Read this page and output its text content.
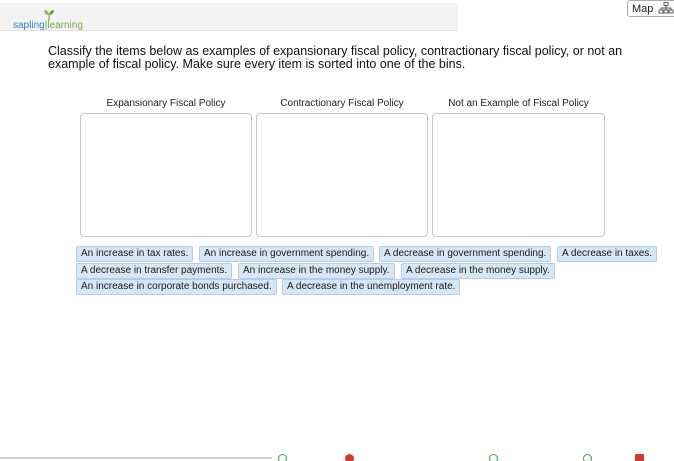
sapling|learning
Map
Classify the items below as examples of expansionary fiscal policy, contractionary fiscal policy, or not an example of fiscal policy. Make sure every item is sorted into one of the bins.
Expansionary Fiscal Policy	Contractionary Fiscal Policy	Not an Example of Fiscal Policy
An increase in tax rates.	An increase in government spending.	A decrease in government spending.	A decrease in taxes.
A decrease in transfer payments.	An increase in the money supply.	A decrease in the money supply.
An increase in corporate bonds purchased.	A decrease in the unemployment rate.
